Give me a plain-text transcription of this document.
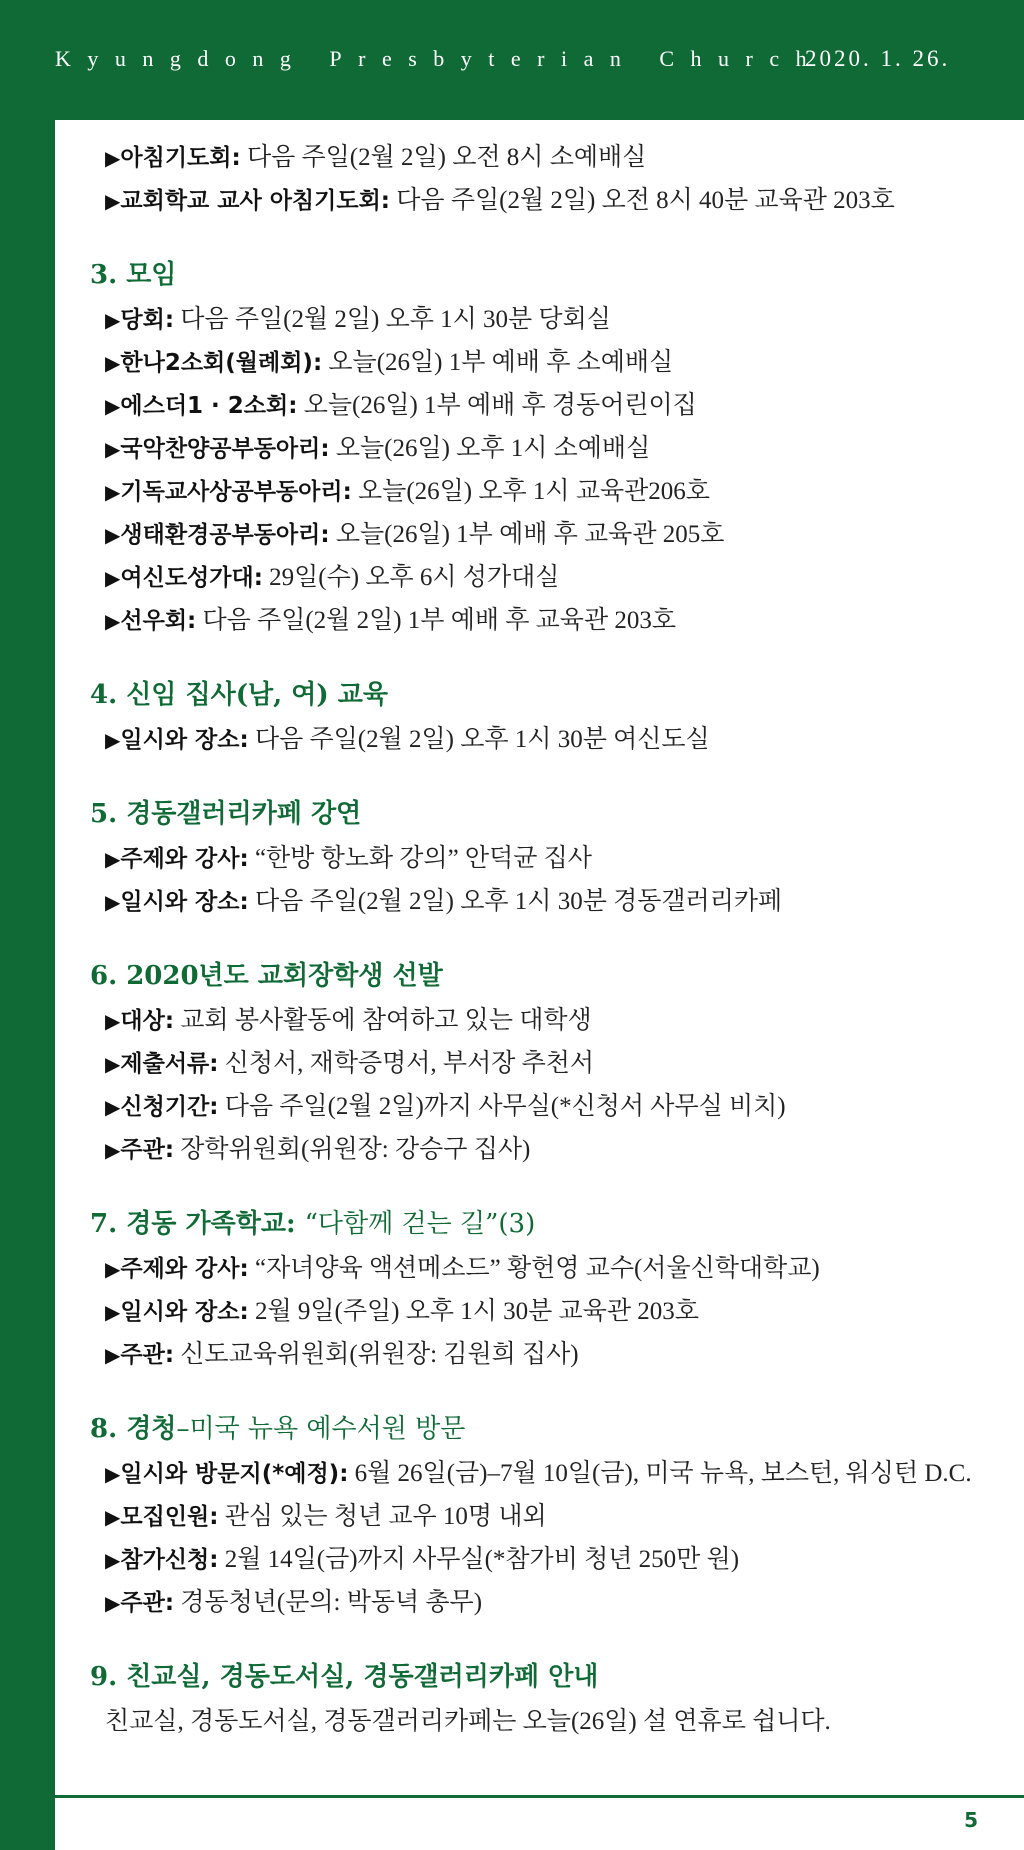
Kyungdong Presbyterian Church
2020. 1. 26.
▶아침기도회: 다음 주일(2월 2일) 오전 8시 소예배실
▶교회학교 교사 아침기도회: 다음 주일(2월 2일) 오전 8시 40분 교육관 203호
3. 모임
▶당회: 다음 주일(2월 2일) 오후 1시 30분 당회실
▶한나2소회(월례회): 오늘(26일) 1부 예배 후 소예배실
▶에스더1 · 2소회: 오늘(26일) 1부 예배 후 경동어린이집
▶국악찬양공부동아리: 오늘(26일) 오후 1시 소예배실
▶기독교사상공부동아리: 오늘(26일) 오후 1시 교육관206호
▶생태환경공부동아리: 오늘(26일) 1부 예배 후 교육관 205호
▶여신도성가대: 29일(수) 오후 6시 성가대실
▶선우회: 다음 주일(2월 2일) 1부 예배 후 교육관 203호
4. 신임 집사(남, 여) 교육
▶일시와 장소: 다음 주일(2월 2일) 오후 1시 30분 여신도실
5. 경동갤러리카페 강연
▶주제와 강사: “한방 항노화 강의” 안덕균 집사
▶일시와 장소: 다음 주일(2월 2일) 오후 1시 30분 경동갤러리카페
6. 2020년도 교회장학생 선발
▶대상: 교회 봉사활동에 참여하고 있는 대학생
▶제출서류: 신청서, 재학증명서, 부서장 추천서
▶신청기간: 다음 주일(2월 2일)까지 사무실(*신청서 사무실 비치)
▶주관: 장학위원회(위원장: 강승구 집사)
7. 경동 가족학교: “다함께 걷는 길”(3)
▶주제와 강사: “자녀양육 액션메소드” 황헌영 교수(서울신학대학교)
▶일시와 장소: 2월 9일(주일) 오후 1시 30분 교육관 203호
▶주관: 신도교육위원회(위원장: 김원희 집사)
8. 경청–미국 뉴욕 예수서원 방문
▶일시와 방문지(*예정): 6월 26일(금)–7월 10일(금), 미국 뉴욕, 보스턴, 워싱턴 D.C.
▶모집인원: 관심 있는 청년 교우 10명 내외
▶참가신청: 2월 14일(금)까지 사무실(*참가비 청년 250만 원)
▶주관: 경동청년(문의: 박동녁 총무)
9. 친교실, 경동도서실, 경동갤러리카페 안내
친교실, 경동도서실, 경동갤러리카페는 오늘(26일) 설 연휴로 쉽니다.
5
